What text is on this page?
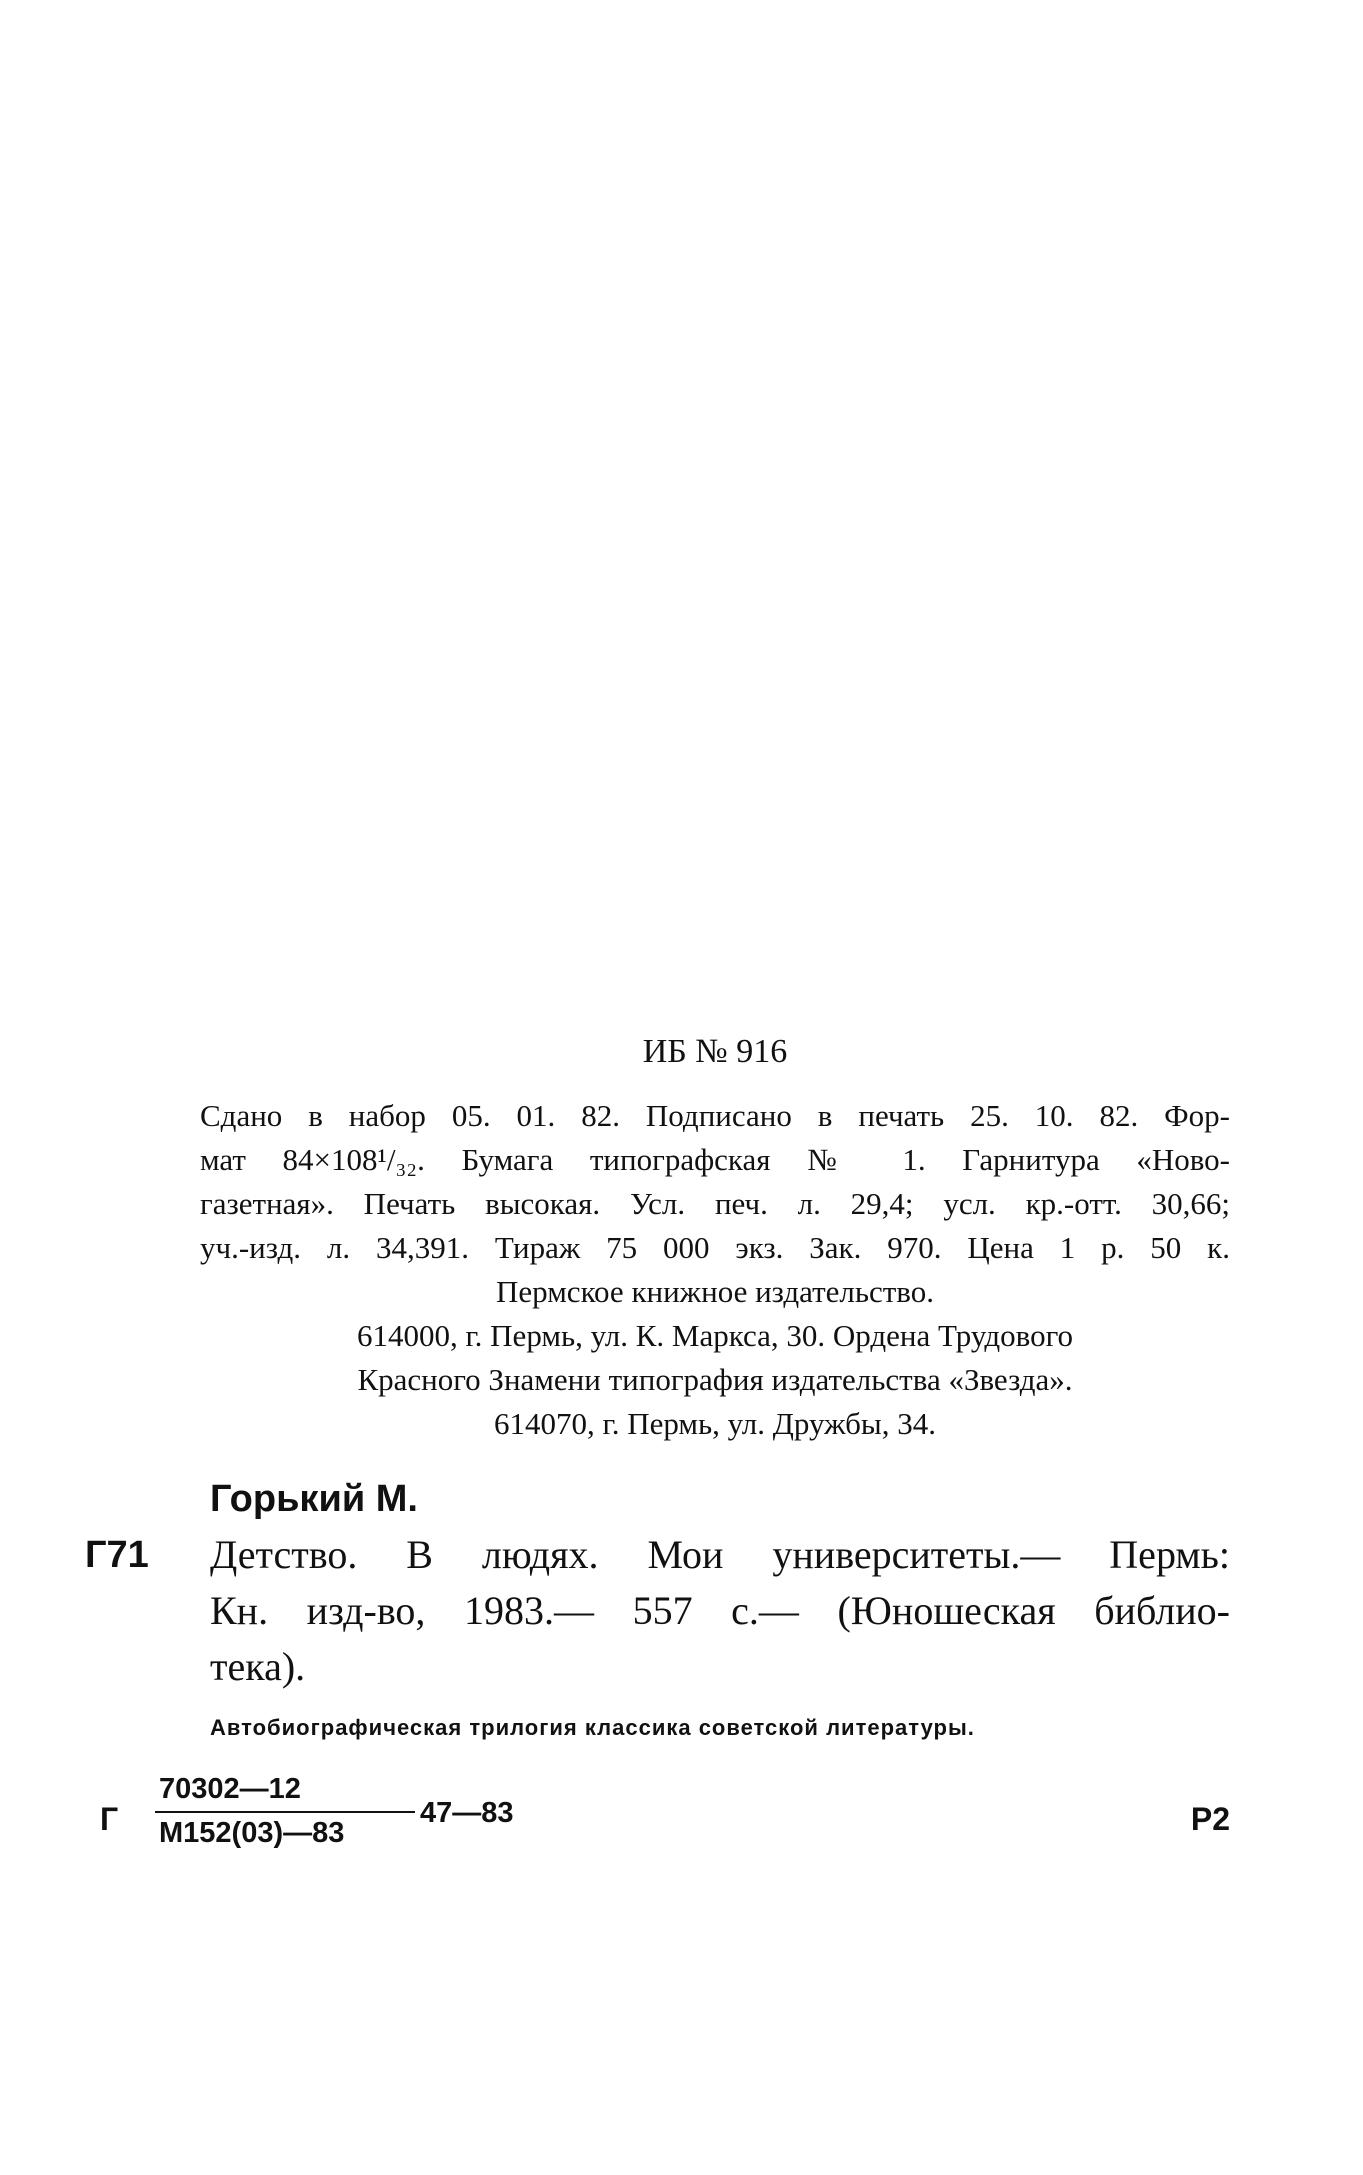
ИБ № 916
Сдано в набор 05. 01. 82. Подписано в печать 25. 10. 82. Фор-
мат 84×108¹/₃₂. Бумага типографская № 1. Гарнитура «Ново-
газетная». Печать высокая. Усл. печ. л. 29,4; усл. кр.-отт. 30,66;
уч.-изд. л. 34,391. Тираж 75 000 экз. Зак. 970. Цена 1 р. 50 к.
Пермское книжное издательство.
614000, г. Пермь, ул. К. Маркса, 30. Ордена Трудового
Красного Знамени типография издательства «Звезда».
614070, г. Пермь, ул. Дружбы, 34.
Горький М.
Г71 Детство. В людях. Мои университеты.— Пермь:
Кн. изд-во, 1983.— 557 с.— (Юношеская библио-
тека).
Автобиографическая трилогия классика советской литературы.
Г
70302—12
М152(03)—83
47—83	Р2
